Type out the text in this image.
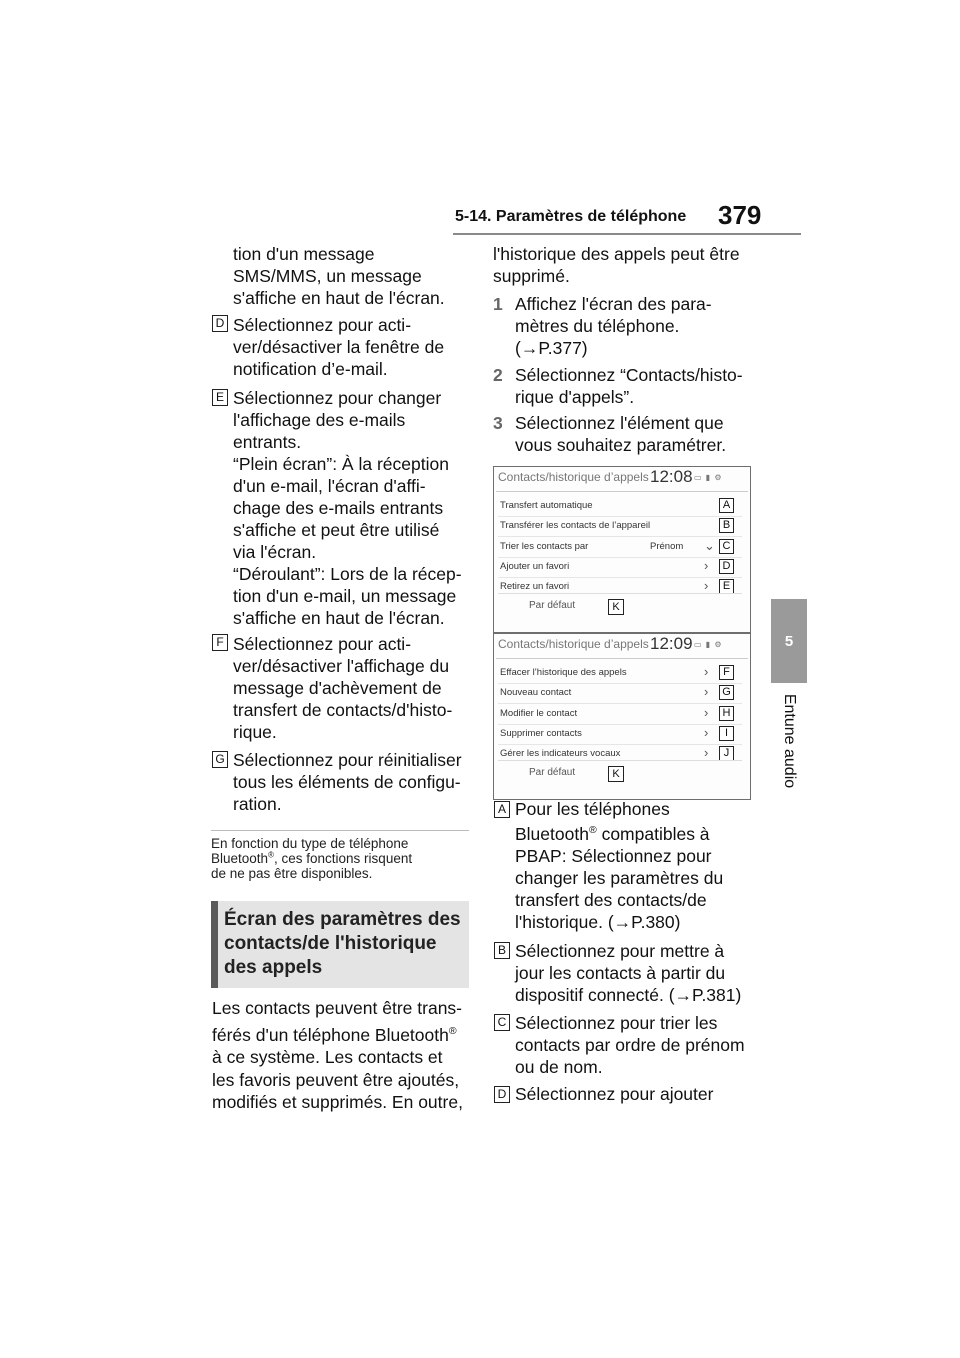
5-14. Paramètres de téléphone 379
5
Entune audio
tion d'un message
SMS/MMS, un message
s'affiche en haut de l'écran.
D Sélectionnez pour acti-
ver/désactiver la fenêtre de
notification d’e-mail.
E Sélectionnez pour changer
l'affichage des e-mails
entrants.
“Plein écran”: À la réception
d'un e-mail, l'écran d'affi-
chage des e-mails entrants
s'affiche et peut être utilisé
via l'écran.
“Déroulant”: Lors de la récep-
tion d'un e-mail, un message
s'affiche en haut de l'écran.
F Sélectionnez pour acti-
ver/désactiver l'affichage du
message d'achèvement de
transfert de contacts/d'histo-
rique.
G Sélectionnez pour réinitialiser
tous les éléments de configu-
ration.
En fonction du type de téléphone
Bluetooth®, ces fonctions risquent
de ne pas être disponibles.
Écran des paramètres des
contacts/de l'historique
des appels
Les contacts peuvent être trans-
férés d'un téléphone Bluetooth®
à ce système. Les contacts et
les favoris peuvent être ajoutés,
modifiés et supprimés. En outre,
l'historique des appels peut être
supprimé.
1 Affichez l'écran des para-
mètres du téléphone.
(→P.377)
2 Sélectionnez “Contacts/histo-
rique d'appels”.
3 Sélectionnez l'élément que
vous souhaitez paramétrer.
Contacts/historique d’appels 12:08 ▭ ▮ ⚙
Transfert automatique	A
Transférer les contacts de l’appareil	B
Trier les contacts par	Prénom ⌄ C
Ajouter un favori	›	D
Retirez un favori	›	E
Par défaut	K
Contacts/historique d’appels 12:09 ▭ ▮ ⚙
Effacer l’historique des appels	›	F
Nouveau contact	› G
Modifier le contact	›	H
Supprimer contacts	›	I
Gérer les indicateurs vocaux	›	J
Par défaut	K
A Pour les téléphones
Bluetooth® compatibles à
PBAP: Sélectionnez pour
changer les paramètres du
transfert des contacts/de
l'historique. (→P.380)
B Sélectionnez pour mettre à
jour les contacts à partir du
dispositif connecté. (→P.381)
C Sélectionnez pour trier les
contacts par ordre de prénom
ou de nom.
D Sélectionnez pour ajouter
